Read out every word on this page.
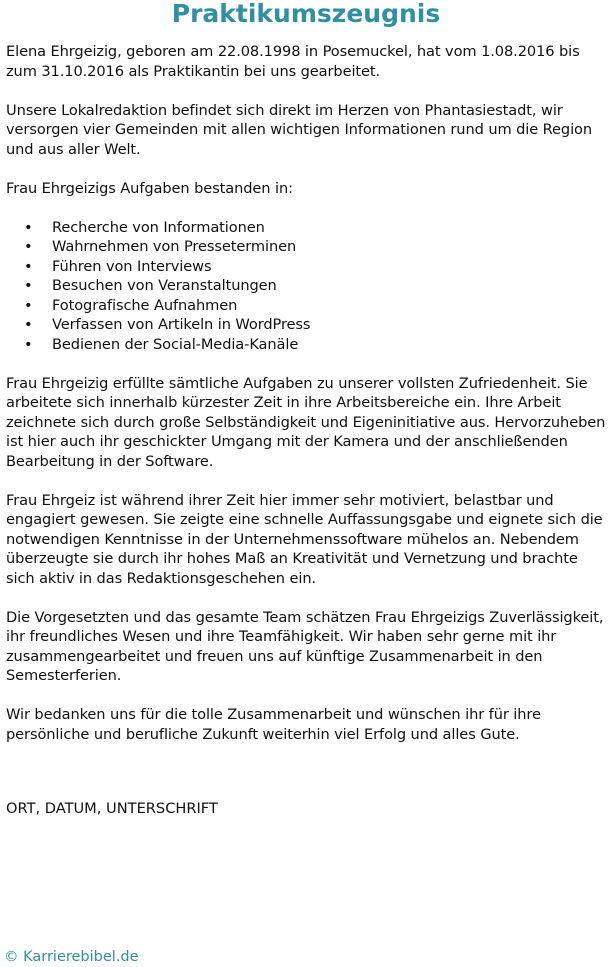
Praktikumszeugnis

Elena Ehrgeizig, geboren am 22.08.1998 in Posemuckel, hat vom 1.08.2016 bis zum 31.10.2016 als Praktikantin bei uns gearbeitet.

Unsere Lokalredaktion befindet sich direkt im Herzen von Phantasiestadt, wir versorgen vier Gemeinden mit allen wichtigen Informationen rund um die Region und aus aller Welt.

Frau Ehrgeizigs Aufgaben bestanden in:

• Recherche von Informationen
• Wahrnehmen von Presseterminen
• Führen von Interviews
• Besuchen von Veranstaltungen
• Fotografische Aufnahmen
• Verfassen von Artikeln in WordPress
• Bedienen der Social-Media-Kanäle

Frau Ehrgeizig erfüllte sämtliche Aufgaben zu unserer vollsten Zufriedenheit. Sie arbeitete sich innerhalb kürzester Zeit in ihre Arbeitsbereiche ein. Ihre Arbeit zeichnete sich durch große Selbständigkeit und Eigeninitiative aus. Hervorzuheben ist hier auch ihr geschickter Umgang mit der Kamera und der anschließenden Bearbeitung in der Software.

Frau Ehrgeiz ist während ihrer Zeit hier immer sehr motiviert, belastbar und engagiert gewesen. Sie zeigte eine schnelle Auffassungsgabe und eignete sich die notwendigen Kenntnisse in der Unternehmenssoftware mühelos an. Nebendem überzeugte sie durch ihr hohes Maß an Kreativität und Vernetzung und brachte sich aktiv in das Redaktionsgeschehen ein.

Die Vorgesetzten und das gesamte Team schätzen Frau Ehrgeizigs Zuverlässigkeit, ihr freundliches Wesen und ihre Teamfähigkeit. Wir haben sehr gerne mit ihr zusammengearbeitet und freuen uns auf künftige Zusammenarbeit in den Semesterferien.

Wir bedanken uns für die tolle Zusammenarbeit und wünschen ihr für ihre persönliche und berufliche Zukunft weiterhin viel Erfolg und alles Gute.

ORT, DATUM, UNTERSCHRIFT
© Karrierebibel.de
